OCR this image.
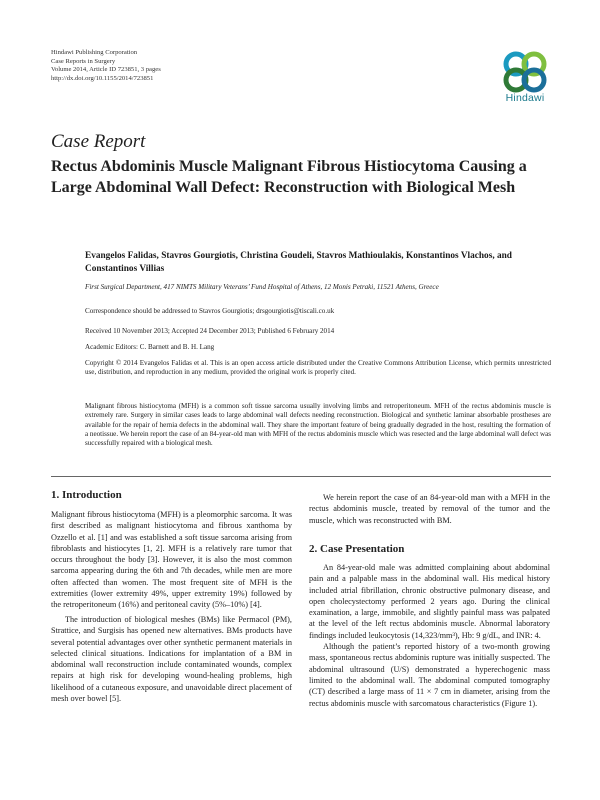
Hindawi Publishing Corporation
Case Reports in Surgery
Volume 2014, Article ID 723851, 3 pages
http://dx.doi.org/10.1155/2014/723851
Hindawi
Case Report
Rectus Abdominis Muscle Malignant Fibrous Histiocytoma Causing a Large Abdominal Wall Defect: Reconstruction with Biological Mesh
Evangelos Falidas, Stavros Gourgiotis, Christina Goudeli, Stavros Mathioulakis, Konstantinos Vlachos, and Constantinos Villias
First Surgical Department, 417 NIMTS Military Veterans’ Fund Hospital of Athens, 12 Monis Petraki, 11521 Athens, Greece
Correspondence should be addressed to Stavros Gourgiotis; drsgourgiotis@tiscali.co.uk
Received 10 November 2013; Accepted 24 December 2013; Published 6 February 2014
Academic Editors: C. Barnett and B. H. Lang
Copyright © 2014 Evangelos Falidas et al. This is an open access article distributed under the Creative Commons Attribution License, which permits unrestricted use, distribution, and reproduction in any medium, provided the original work is properly cited.
Malignant fibrous histiocytoma (MFH) is a common soft tissue sarcoma usually involving limbs and retroperitoneum. MFH of the rectus abdominis muscle is extremely rare. Surgery in similar cases leads to large abdominal wall defects needing reconstruction. Biological and synthetic laminar absorbable prostheses are available for the repair of hernia defects in the abdominal wall. They share the important feature of being gradually degraded in the host, resulting the formation of a neotissue. We herein report the case of an 84-year-old man with MFH of the rectus abdominis muscle which was resected and the large abdominal wall defect was successfully repaired with a biological mesh.
1. Introduction

Malignant fibrous histiocytoma (MFH) is a pleomorphic sarcoma. It was first described as malignant histiocytoma and fibrous xanthoma by Ozzello et al. [1] and was established a soft tissue sarcoma arising from fibroblasts and histiocytes [1, 2]. MFH is a relatively rare tumor that occurs throughout the body [3]. However, it is also the most common sarcoma appearing during the 6th and 7th decades, while men are more often affected than women. The most frequent site of MFH is the extremities (lower extremity 49%, upper extremity 19%) followed by the retroperitoneum (16%) and peritoneal cavity (5%–10%) [4].

The introduction of biological meshes (BMs) like Permacol (PM), Strattice, and Surgisis has opened new alternatives. BMs products have several potential advantages over other synthetic permanent materials in selected clinical situations. Indications for implantation of a BM in abdominal wall reconstruction include contaminated wounds, complex repairs at high risk for developing wound-healing problems, high likelihood of a cutaneous exposure, and unavoidable direct placement of mesh over bowel [5].

We herein report the case of an 84-year-old man with a MFH in the rectus abdominis muscle, treated by removal of the tumor and the muscle, which was reconstructed with BM.

2. Case Presentation

An 84-year-old male was admitted complaining about abdominal pain and a palpable mass in the abdominal wall. His medical history included atrial fibrillation, chronic obstructive pulmonary disease, and open cholecystectomy performed 2 years ago. During the clinical examination, a large, immobile, and slightly painful mass was palpated at the level of the left rectus abdominis muscle. Abnormal laboratory findings included leukocytosis (14,323/mm³), Hb: 9 g/dL, and INR: 4.

Although the patient’s reported history of a two-month growing mass, spontaneous rectus abdominis rupture was initially suspected. The abdominal ultrasound (U/S) demonstrated a hyperechogenic mass limited to the abdominal wall. The abdominal computed tomography (CT) described a large mass of 11 × 7 cm in diameter, arising from the rectus abdominis muscle with sarcomatous characteristics (Figure 1).
